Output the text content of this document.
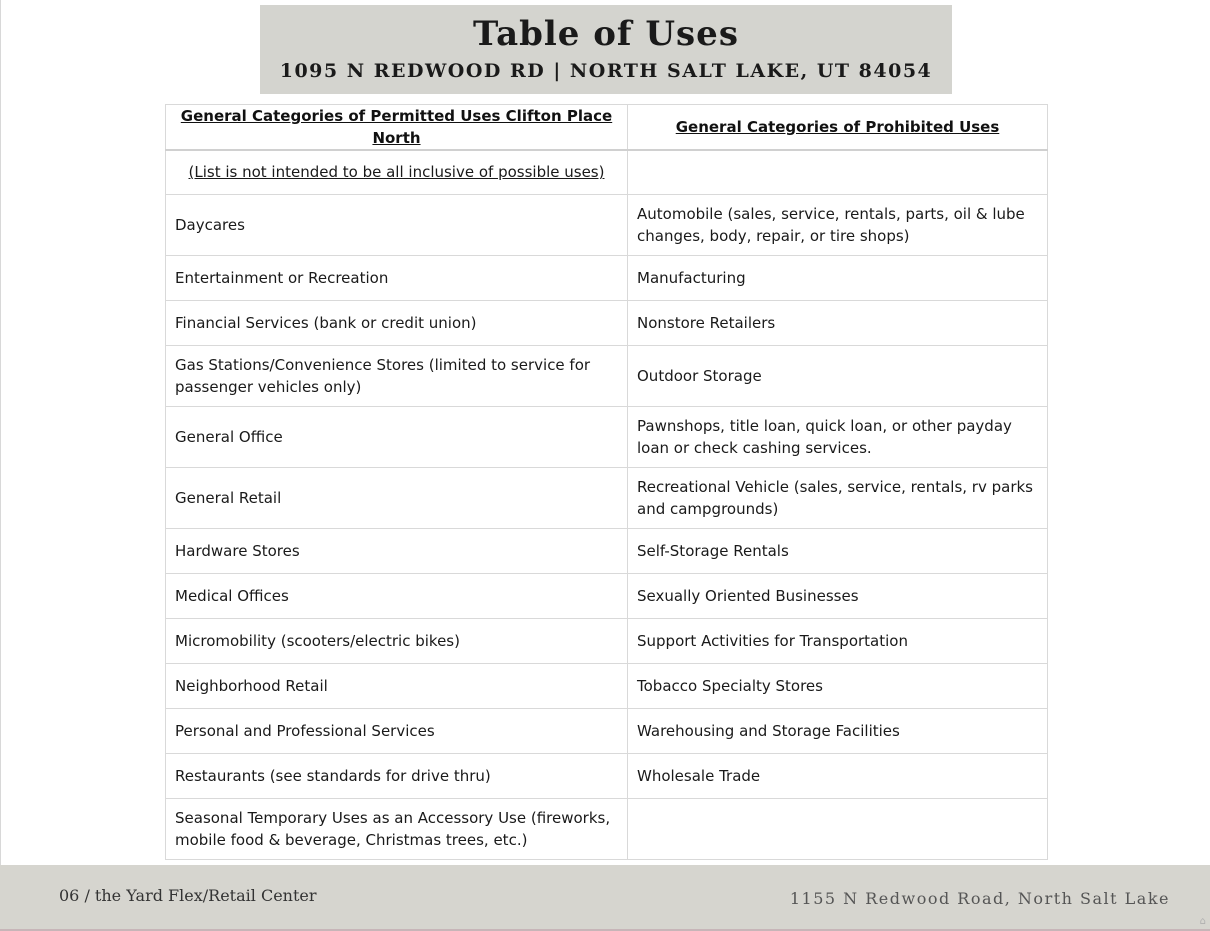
Table of Uses
1095 N REDWOOD RD | NORTH SALT LAKE, UT 84054
General Categories of Permitted Uses Clifton Place North	General Categories of Prohibited Uses
(List is not intended to be all inclusive of possible uses)	
Daycares	Automobile (sales, service, rentals, parts, oil & lube changes, body, repair, or tire shops)
Entertainment or Recreation	Manufacturing
Financial Services (bank or credit union)	Nonstore Retailers
Gas Stations/Convenience Stores (limited to service for passenger vehicles only)	Outdoor Storage
General Office	Pawnshops, title loan, quick loan, or other payday loan or check cashing services.
General Retail	Recreational Vehicle (sales, service, rentals, rv parks and campgrounds)
Hardware Stores	Self-Storage Rentals
Medical Offices	Sexually Oriented Businesses
Micromobility (scooters/electric bikes)	Support Activities for Transportation
Neighborhood Retail	Tobacco Specialty Stores
Personal and Professional Services	Warehousing and Storage Facilities
Restaurants (see standards for drive thru)	Wholesale Trade
Seasonal Temporary Uses as an Accessory Use (fireworks, mobile food & beverage, Christmas trees, etc.)	
06 / the Yard Flex/Retail Center	1155 N Redwood Road, North Salt Lake
⌂
